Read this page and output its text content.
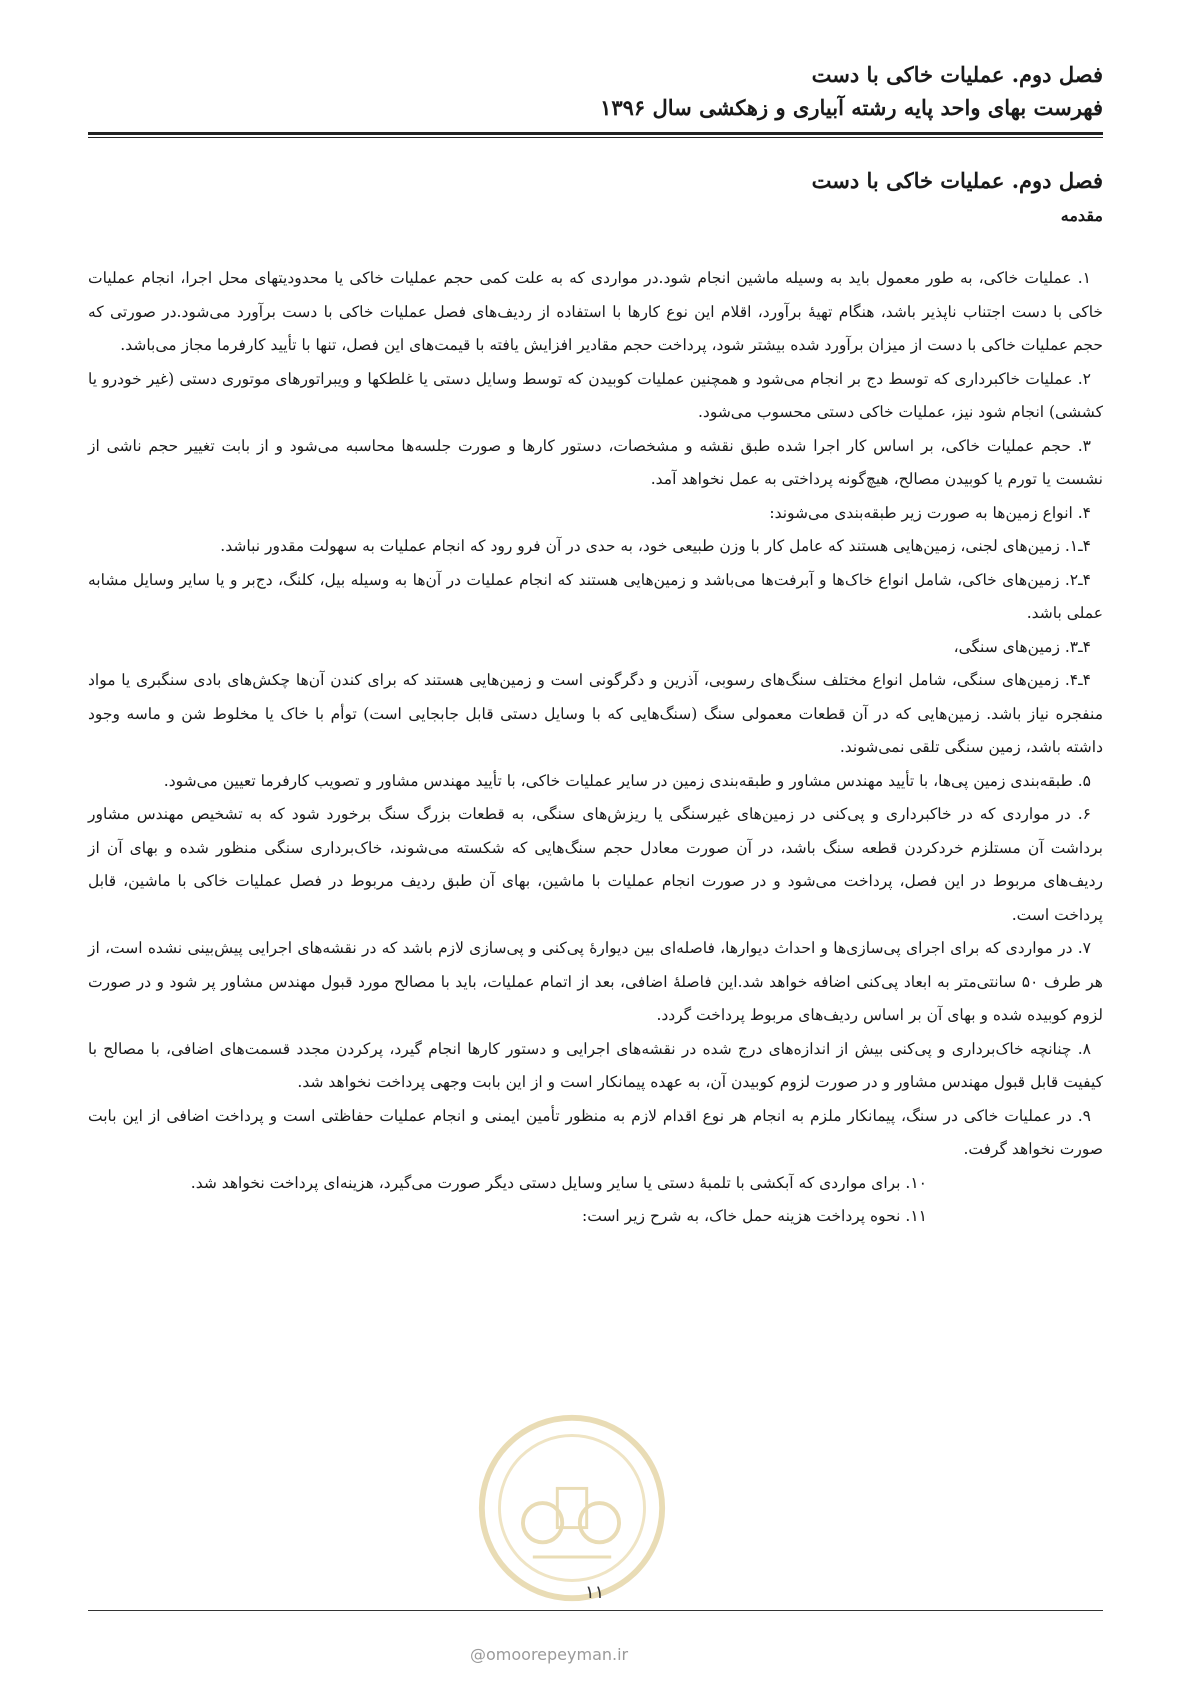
فصل دوم. عملیات خاکی با دست
فهرست بهای واحد پایه رشته آبیاری و زهکشی سال ۱۳۹۶
فصل دوم. عملیات خاکی با دست
مقدمه

۱. عملیات خاکی، به طور معمول باید به وسیله ماشین انجام شود.در مواردی که به علت کمی حجم عملیات خاکی یا محدودیتهای محل اجرا، انجام عملیات خاکی با دست اجتناب ناپذیر باشد، هنگام تهیهٔ برآورد، اقلام این نوع کارها با استفاده از ردیف‌های فصل عملیات خاکی با دست برآورد می‌شود.در صورتی که حجم عملیات خاکی با دست از میزان برآورد شده بیشتر شود، پرداخت حجم مقادیر افزایش یافته با قیمت‌های این فصل، تنها با تأیید کارفرما مجاز می‌باشد.

۲. عملیات خاکبرداری که توسط دج بر انجام می‌شود و همچنین عملیات کوبیدن که توسط وسایل دستی یا غلطکها و ویبراتورهای موتوری دستی (غیر خودرو یا کششی) انجام شود نیز، عملیات خاکی دستی محسوب می‌شود.

۳. حجم عملیات خاکی، بر اساس کار اجرا شده طبق نقشه و مشخصات، دستور کارها و صورت جلسه‌ها محاسبه می‌شود و از بابت تغییر حجم ناشی از نشست یا تورم یا کوبیدن مصالح، هیچ‌گونه پرداختی به عمل نخواهد آمد.

۴. انواع زمین‌ها به صورت زیر طبقه‌بندی می‌شوند:

۴ـ۱. زمین‌های لجنی، زمین‌هایی هستند که عامل کار با وزن طبیعی خود، به حدی در آن فرو رود که انجام عملیات به سهولت مقدور نباشد.

۴ـ۲. زمین‌های خاکی، شامل انواع خاک‌ها و آبرفت‌ها می‌باشد و زمین‌هایی هستند که انجام عملیات در آن‌ها به وسیله بیل، کلنگ، دج‌بر و یا سایر وسایل مشابه عملی باشد.

۴ـ۳. زمین‌های سنگی،

۴ـ۴. زمین‌های سنگی، شامل انواع مختلف سنگ‌های رسوبی، آذرین و دگرگونی است و زمین‌هایی هستند که برای کندن آن‌ها چکش‌های بادی سنگبری یا مواد منفجره نیاز باشد. زمین‌هایی که در آن قطعات معمولی سنگ (سنگ‌هایی که با وسایل دستی قابل جابجایی است) توأم با خاک یا مخلوط شن و ماسه وجود داشته باشد، زمین سنگی تلقی نمی‌شوند.

۵. طبقه‌بندی زمین پی‌ها، با تأیید مهندس مشاور و طبقه‌بندی زمین در سایر عملیات خاکی، با تأیید مهندس مشاور و تصویب کارفرما تعیین می‌شود.

۶. در مواردی که در خاکبرداری و پی‌کنی در زمین‌های غیرسنگی یا ریزش‌های سنگی، به قطعات بزرگ سنگ برخورد شود که به تشخیص مهندس مشاور برداشت آن مستلزم خردکردن قطعه سنگ باشد، در آن صورت معادل حجم سنگ‌هایی که شکسته می‌شوند، خاک‌برداری سنگی منظور شده و بهای آن از ردیف‌های مربوط در این فصل، پرداخت می‌شود و در صورت انجام عملیات با ماشین، بهای آن طبق ردیف مربوط در فصل عملیات خاکی با ماشین، قابل پرداخت است.

۷. در مواردی که برای اجرای پی‌سازی‌ها و احداث دیوارها، فاصله‌ای بین دیوارهٔ پی‌کنی و پی‌سازی لازم باشد که در نقشه‌های اجرایی پیش‌بینی نشده است، از هر طرف ۵۰ سانتی‌متر به ابعاد پی‌کنی اضافه خواهد شد.این فاصلهٔ اضافی، بعد از اتمام عملیات، باید با مصالح مورد قبول مهندس مشاور پر شود و در صورت لزوم کوبیده شده و بهای آن بر اساس ردیف‌های مربوط پرداخت گردد.

۸. چنانچه خاک‌برداری و پی‌کنی بیش از اندازه‌های درج شده در نقشه‌های اجرایی و دستور کارها انجام گیرد، پرکردن مجدد قسمت‌های اضافی، با مصالح با کیفیت قابل قبول مهندس مشاور و در صورت لزوم کوبیدن آن، به عهده پیمانکار است و از این بابت وجهی پرداخت نخواهد شد.

۹. در عملیات خاکی در سنگ، پیمانکار ملزم به انجام هر نوع اقدام لازم به منظور تأمین ایمنی و انجام عملیات حفاظتی است و پرداخت اضافی از این بابت صورت نخواهد گرفت.

۱۰. برای مواردی که آبکشی با تلمبهٔ دستی یا سایر وسایل دستی دیگر صورت می‌گیرد، هزینه‌ای پرداخت نخواهد شد.

۱۱. نحوه پرداخت هزینه حمل خاک، به شرح زیر است:

۱۱
@omoorepeyman.ir
